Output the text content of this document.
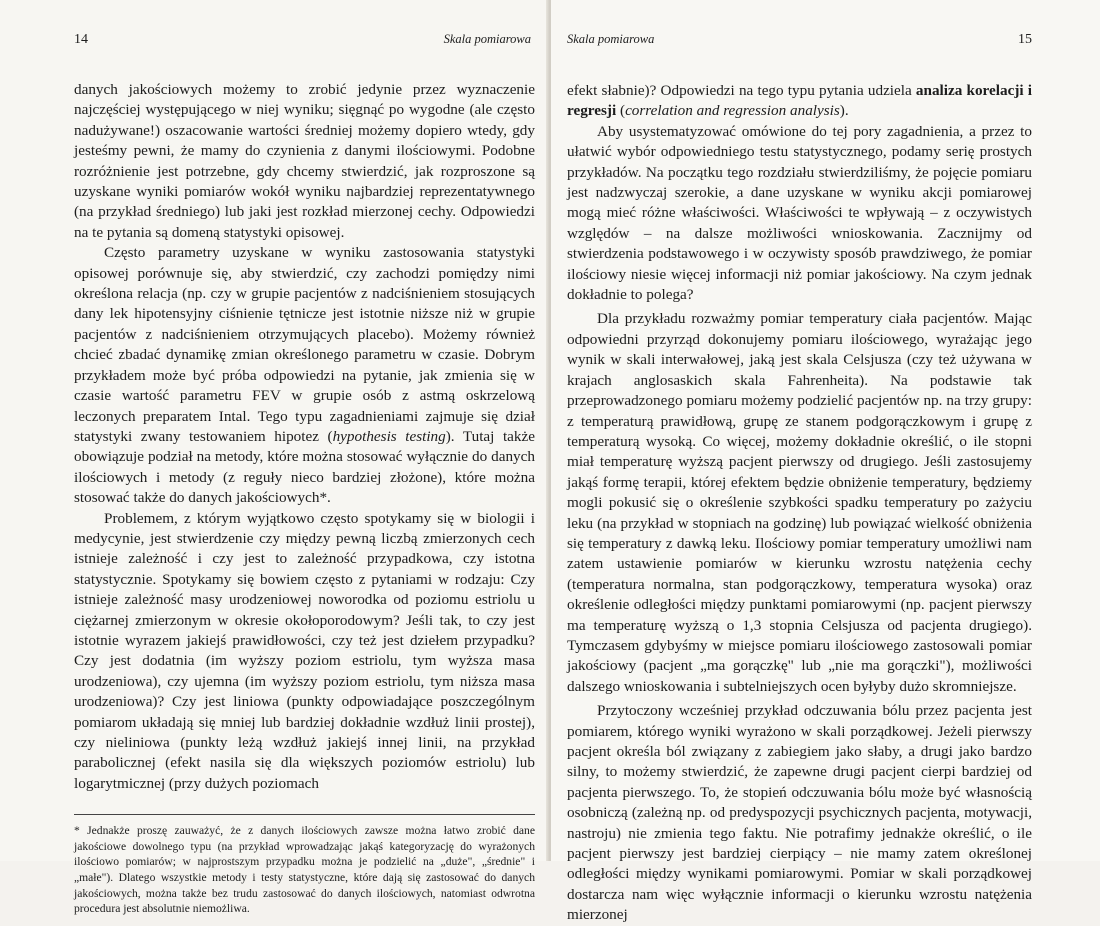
14	Skala pomiarowa

danych jakościowych możemy to zrobić jedynie przez wyznaczenie najczęściej występującego w niej wyniku; sięgnąć po wygodne (ale często nadużywane!) oszacowanie wartości średniej możemy dopiero wtedy, gdy jesteśmy pewni, że mamy do czynienia z danymi ilościowymi. Podobne rozróżnienie jest potrzebne, gdy chcemy stwierdzić, jak rozproszone są uzyskane wyniki pomiarów wokół wyniku najbardziej reprezentatywnego (na przykład średniego) lub jaki jest rozkład mierzonej cechy. Odpowiedzi na te pytania są domeną statystyki opisowej.

Często parametry uzyskane w wyniku zastosowania statystyki opisowej porównuje się, aby stwierdzić, czy zachodzi pomiędzy nimi określona relacja (np. czy w grupie pacjentów z nadciśnieniem stosujących dany lek hipotensyjny ciśnienie tętnicze jest istotnie niższe niż w grupie pacjentów z nadciśnieniem otrzymujących placebo). Możemy również chcieć zbadać dynamikę zmian określonego parametru w czasie. Dobrym przykładem może być próba odpowiedzi na pytanie, jak zmienia się w czasie wartość parametru FEV w grupie osób z astmą oskrzelową leczonych preparatem Intal. Tego typu zagadnieniami zajmuje się dział statystyki zwany testowaniem hipotez (hypothesis testing). Tutaj także obowiązuje podział na metody, które można stosować wyłącznie do danych ilościowych i metody (z reguły nieco bardziej złożone), które można stosować także do danych jakościowych*.

Problemem, z którym wyjątkowo często spotykamy się w biologii i medycynie, jest stwierdzenie czy między pewną liczbą zmierzonych cech istnieje zależność i czy jest to zależność przypadkowa, czy istotna statystycznie. Spotykamy się bowiem często z pytaniami w rodzaju: Czy istnieje zależność masy urodzeniowej noworodka od poziomu estriolu u ciężarnej zmierzonym w okresie okołoporodowym? Jeśli tak, to czy jest istotnie wyrazem jakiejś prawidłowości, czy też jest dziełem przypadku? Czy jest dodatnia (im wyższy poziom estriolu, tym wyższa masa urodzeniowa), czy ujemna (im wyższy poziom estriolu, tym niższa masa urodzeniowa)? Czy jest liniowa (punkty odpowiadające poszczególnym pomiarom układają się mniej lub bardziej dokładnie wzdłuż linii prostej), czy nieliniowa (punkty leżą wzdłuż jakiejś innej linii, na przykład parabolicznej (efekt nasila się dla większych poziomów estriolu) lub logarytmicznej (przy dużych poziomach

* Jednakże proszę zauważyć, że z danych ilościowych zawsze można łatwo zrobić dane jakościowe dowolnego typu (na przykład wprowadzając jakąś kategoryzację do wyrażonych ilościowo pomiarów; w najprostszym przypadku można je podzielić na „duże", „średnie" i „małe"). Dlatego wszystkie metody i testy statystyczne, które dają się zastosować do danych jakościowych, można także bez trudu zastosować do danych ilościowych, natomiast odwrotna procedura jest absolutnie niemożliwa.
Skala pomiarowa	15

efekt słabnie)? Odpowiedzi na tego typu pytania udziela analiza korelacji i regresji (correlation and regression analysis).

Aby usystematyzować omówione do tej pory zagadnienia, a przez to ułatwić wybór odpowiedniego testu statystycznego, podamy serię prostych przykładów. Na początku tego rozdziału stwierdziliśmy, że pojęcie pomiaru jest nadzwyczaj szerokie, a dane uzyskane w wyniku akcji pomiarowej mogą mieć różne właściwości. Właściwości te wpływają – z oczywistych względów – na dalsze możliwości wnioskowania. Zacznijmy od stwierdzenia podstawowego i w oczywisty sposób prawdziwego, że pomiar ilościowy niesie więcej informacji niż pomiar jakościowy. Na czym jednak dokładnie to polega?

Dla przykładu rozważmy pomiar temperatury ciała pacjentów. Mając odpowiedni przyrząd dokonujemy pomiaru ilościowego, wyrażając jego wynik w skali interwałowej, jaką jest skala Celsjusza (czy też używana w krajach anglosaskich skala Fahrenheita). Na podstawie tak przeprowadzonego pomiaru możemy podzielić pacjentów np. na trzy grupy: z temperaturą prawidłową, grupę ze stanem podgorączkowym i grupę z temperaturą wysoką. Co więcej, możemy dokładnie określić, o ile stopni miał temperaturę wyższą pacjent pierwszy od drugiego. Jeśli zastosujemy jakąś formę terapii, której efektem będzie obniżenie temperatury, będziemy mogli pokusić się o określenie szybkości spadku temperatury po zażyciu leku (na przykład w stopniach na godzinę) lub powiązać wielkość obniżenia się temperatury z dawką leku. Ilościowy pomiar temperatury umożliwi nam zatem ustawienie pomiarów w kierunku wzrostu natężenia cechy (temperatura normalna, stan podgorączkowy, temperatura wysoka) oraz określenie odległości między punktami pomiarowymi (np. pacjent pierwszy ma temperaturę wyższą o 1,3 stopnia Celsjusza od pacjenta drugiego). Tymczasem gdybyśmy w miejsce pomiaru ilościowego zastosowali pomiar jakościowy (pacjent „ma gorączkę" lub „nie ma gorączki"), możliwości dalszego wnioskowania i subtelniejszych ocen byłyby dużo skromniejsze.

Przytoczony wcześniej przykład odczuwania bólu przez pacjenta jest pomiarem, którego wyniki wyrażono w skali porządkowej. Jeżeli pierwszy pacjent określa ból związany z zabiegiem jako słaby, a drugi jako bardzo silny, to możemy stwierdzić, że zapewne drugi pacjent cierpi bardziej od pacjenta pierwszego. To, że stopień odczuwania bólu może być własnością osobniczą (zależną np. od predyspozycji psychicznych pacjenta, motywacji, nastroju) nie zmienia tego faktu. Nie potrafimy jednakże określić, o ile pacjent pierwszy jest bardziej cierpiący – nie mamy zatem określonej odległości między wynikami pomiarowymi. Pomiar w skali porządkowej dostarcza nam więc wyłącznie informacji o kierunku wzrostu natężenia mierzonej
